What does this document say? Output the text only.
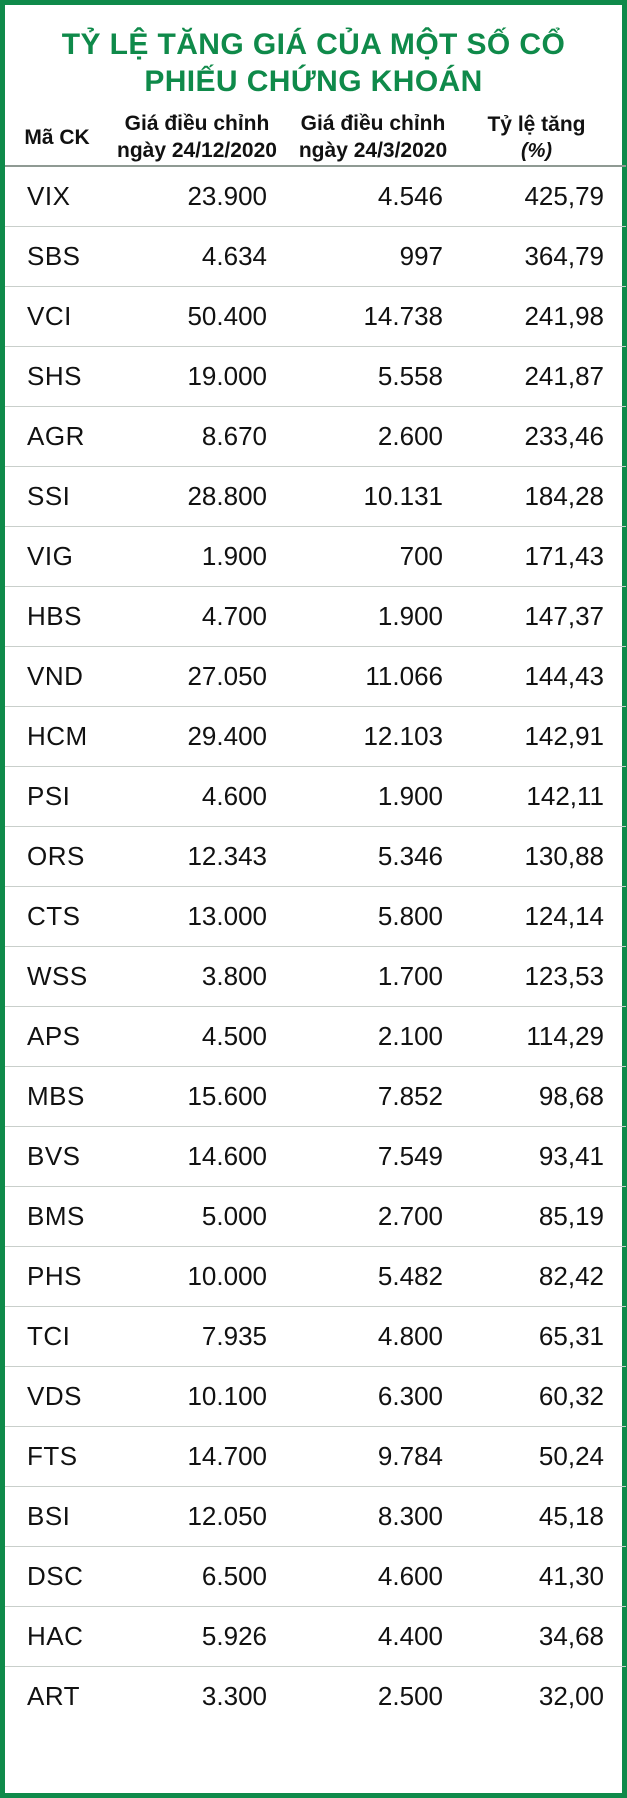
TỶ LỆ TĂNG GIÁ CỦA MỘT SỐ CỔ PHIẾU CHỨNG KHOÁN
Mã CK	Giá điều chỉnh ngày 24/12/2020	Giá điều chỉnh ngày 24/3/2020	Tỷ lệ tăng
(%)

VIX	23.900	4.546	425,79
SBS	4.634	997	364,79
VCI	50.400	14.738	241,98
SHS	19.000	5.558	241,87
AGR	8.670	2.600	233,46
SSI	28.800	10.131	184,28
VIG	1.900	700	171,43
HBS	4.700	1.900	147,37
VND	27.050	11.066	144,43
HCM	29.400	12.103	142,91
PSI	4.600	1.900	142,11
ORS	12.343	5.346	130,88
CTS	13.000	5.800	124,14
WSS	3.800	1.700	123,53
APS	4.500	2.100	114,29
MBS	15.600	7.852	98,68
BVS	14.600	7.549	93,41
BMS	5.000	2.700	85,19
PHS	10.000	5.482	82,42
TCI	7.935	4.800	65,31
VDS	10.100	6.300	60,32
FTS	14.700	9.784	50,24
BSI	12.050	8.300	45,18
DSC	6.500	4.600	41,30
HAC	5.926	4.400	34,68
ART	3.300	2.500	32,00
